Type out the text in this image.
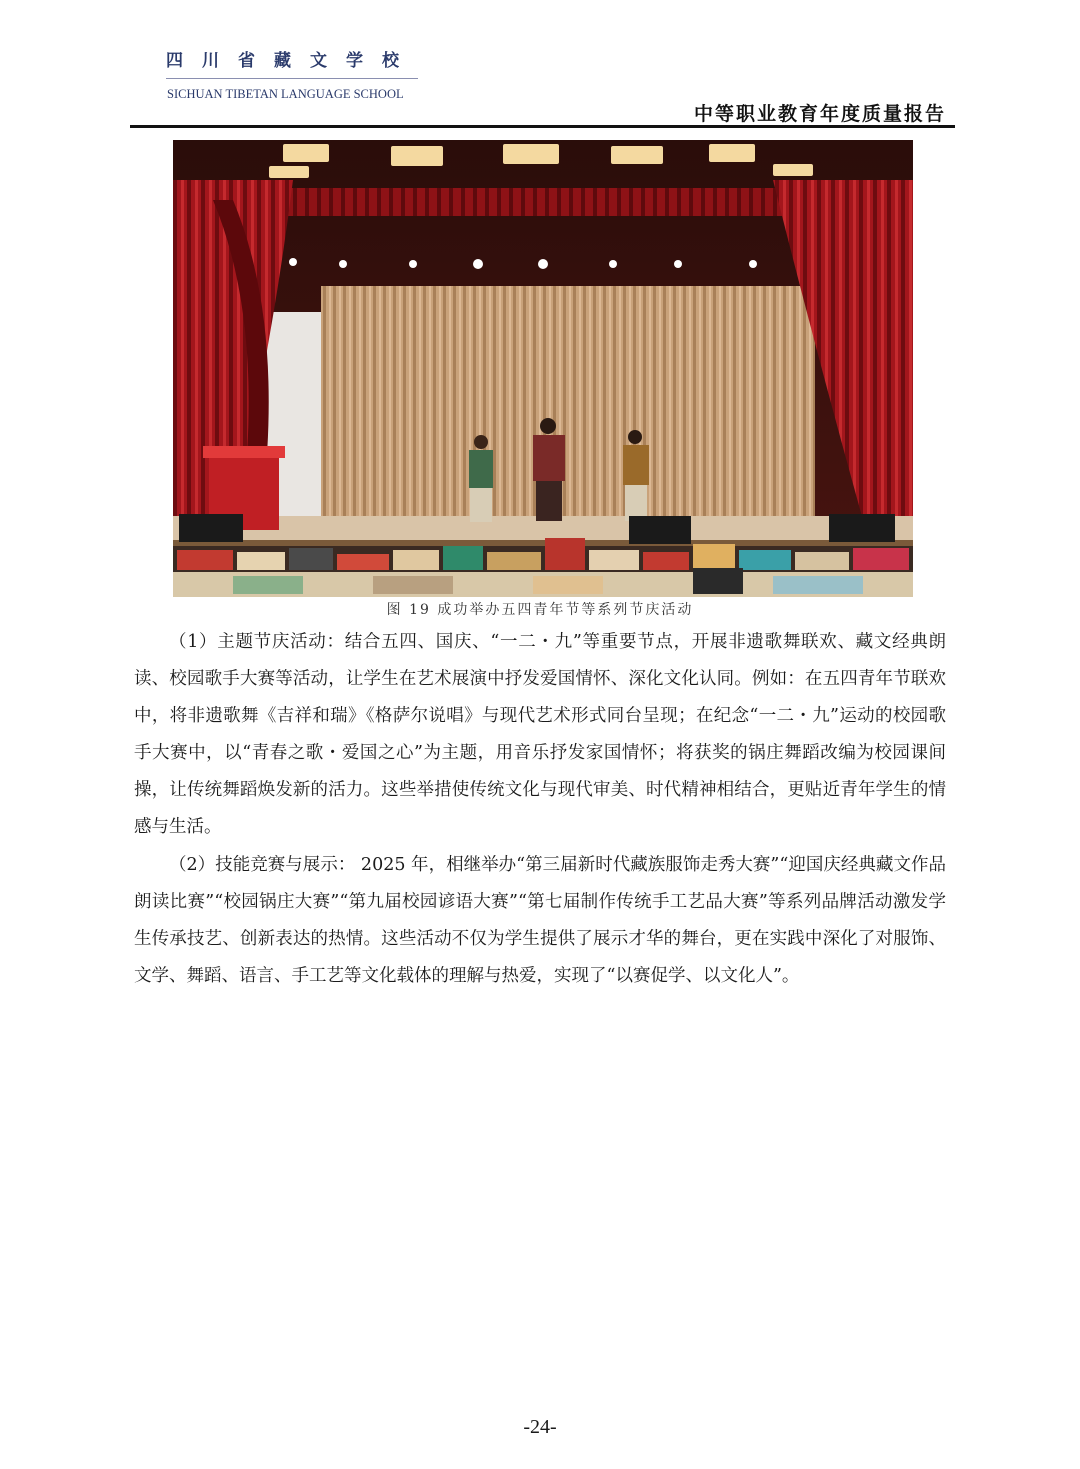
四川省藏文学校
SICHUAN TIBETAN LANGUAGE SCHOOL
中等职业教育年度质量报告
图 19 成功举办五四青年节等系列节庆活动

（1）主题节庆活动：结合五四、国庆、“一二・九”等重要节点，开展非遗歌舞联欢、藏文经典朗读、校园歌手大赛等活动，让学生在艺术展演中抒发爱国情怀、深化文化认同。例如：在五四青年节联欢中，将非遗歌舞《吉祥和瑞》《格萨尔说唱》与现代艺术形式同台呈现；在纪念“一二・九”运动的校园歌手大赛中，以“青春之歌・爱国之心”为主题，用音乐抒发家国情怀；将获奖的锅庄舞蹈改编为校园课间操，让传统舞蹈焕发新的活力。这些举措使传统文化与现代审美、时代精神相结合，更贴近青年学生的情感与生活。

（2）技能竞赛与展示： 2025 年，相继举办“第三届新时代藏族服饰走秀大赛”“迎国庆经典藏文作品朗读比赛”“校园锅庄大赛”“第九届校园谚语大赛”“第七届制作传统手工艺品大赛”等系列品牌活动激发学生传承技艺、创新表达的热情。这些活动不仅为学生提供了展示才华的舞台，更在实践中深化了对服饰、文学、舞蹈、语言、手工艺等文化载体的理解与热爱，实现了“以赛促学、以文化人”。

-24-
